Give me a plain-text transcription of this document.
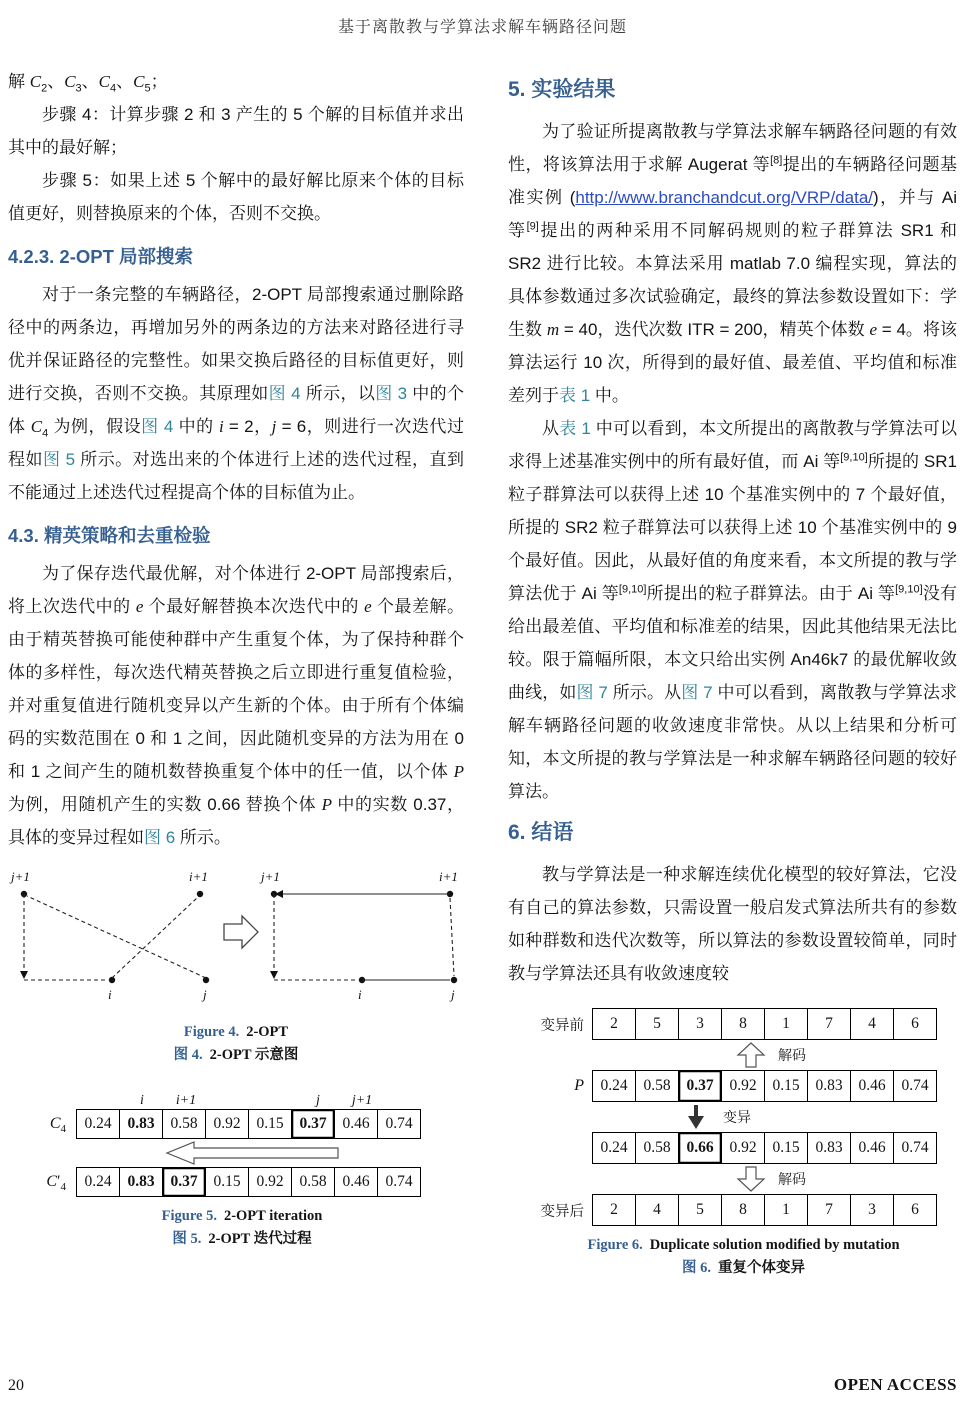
基于离散教与学算法求解车辆路径问题

解 $C_2$、$C_3$、$C_4$、$C_5$；

步骤 4：计算步骤 2 和 3 产生的 5 个解的目标值并求出其中的最好解；

步骤 5：如果上述 5 个解中的最好解比原来个体的目标值更好，则替换原来的个体，否则不交换。

4.2.3. 2-OPT 局部搜索

对于一条完整的车辆路径，2-OPT 局部搜索通过删除路径中的两条边，再增加另外的两条边的方法来对路径进行寻优并保证路径的完整性。如果交换后路径的目标值更好，则进行交换，否则不交换。其原理如图 4 所示，以图 3 中的个体 $C_4$ 为例，假设图 4 中的 i = 2，j = 6，则进行一次迭代过程如图 5 所示。对选出来的个体进行上述的迭代过程，直到不能通过上述迭代过程提高个体的目标值为止。

4.3. 精英策略和去重检验

为了保存迭代最优解，对个体进行 2-OPT 局部搜索后，将上次迭代中的 e 个最好解替换本次迭代中的 e 个最差解。由于精英替换可能使种群中产生重复个体，为了保持种群个体的多样性，每次迭代精英替换之后立即进行重复值检验，并对重复值进行随机变异以产生新的个体。由于所有个体编码的实数范围在 0 和 1 之间，因此随机变异的方法为用在 0 和 1 之间产生的随机数替换重复个体中的任一值，以个体 P 为例，用随机产生的实数 0.66 替换个体 P 中的实数 0.37，具体的变异过程如图 6 所示。

j+1	i+1
i	j
j+1	i+1
i	j
Figure 4. 2-OPT
图 4. 2-OPT 示意图
i	i+1	j	j+1
$C_4$	0.24	0.83	0.58	0.92	0.15	0.37	0.46	0.74
$C'_4$	0.24	0.83	0.37	0.15	0.92	0.58	0.46	0.74
Figure 5. 2-OPT iteration
图 5. 2-OPT 迭代过程
5. 实验结果

为了验证所提离散教与学算法求解车辆路径问题的有效性，将该算法用于求解 Augerat 等[8]提出的车辆路径问题基准实例 (http://www.branchandcut.org/VRP/data/)，并与 Ai 等[9]提出的两种采用不同解码规则的粒子群算法 SR1 和 SR2 进行比较。本算法采用 matlab 7.0 编程实现，算法的具体参数通过多次试验确定，最终的算法参数设置如下：学生数 m = 40，迭代次数 ITR = 200，精英个体数 e = 4。将该算法运行 10 次，所得到的最好值、最差值、平均值和标准差列于表 1 中。

从表 1 中可以看到，本文所提出的离散教与学算法可以求得上述基准实例中的所有最好值，而 Ai 等[9,10]所提的 SR1 粒子群算法可以获得上述 10 个基准实例中的 7 个最好值，所提的 SR2 粒子群算法可以获得上述 10 个基准实例中的 9 个最好值。因此，从最好值的角度来看，本文所提的教与学算法优于 Ai 等[9,10]所提出的粒子群算法。由于 Ai 等[9,10]没有给出最差值、平均值和标准差的结果，因此其他结果无法比较。限于篇幅所限，本文只给出实例 An46k7 的最优解收敛曲线，如图 7 所示。从图 7 中可以看到，离散教与学算法求解车辆路径问题的收敛速度非常快。从以上结果和分析可知，本文所提的教与学算法是一种求解车辆路径问题的较好算法。

6. 结语

教与学算法是一种求解连续优化模型的较好算法，它没有自己的算法参数，只需设置一般启发式算法所共有的参数如种群数和迭代次数等，所以算法的参数设置较简单，同时教与学算法还具有收敛速度较

变异前	2	5	3	8	1	7	4	6
解码
P	0.24	0.58	0.37	0.92	0.15	0.83	0.46	0.74
变异
0.24	0.58	0.66	0.92	0.15	0.83	0.46	0.74
解码
变异后	2	4	5	8	1	7	3	6
Figure 6. Duplicate solution modified by mutation
图 6. 重复个体变异
20	OPEN ACCESS
